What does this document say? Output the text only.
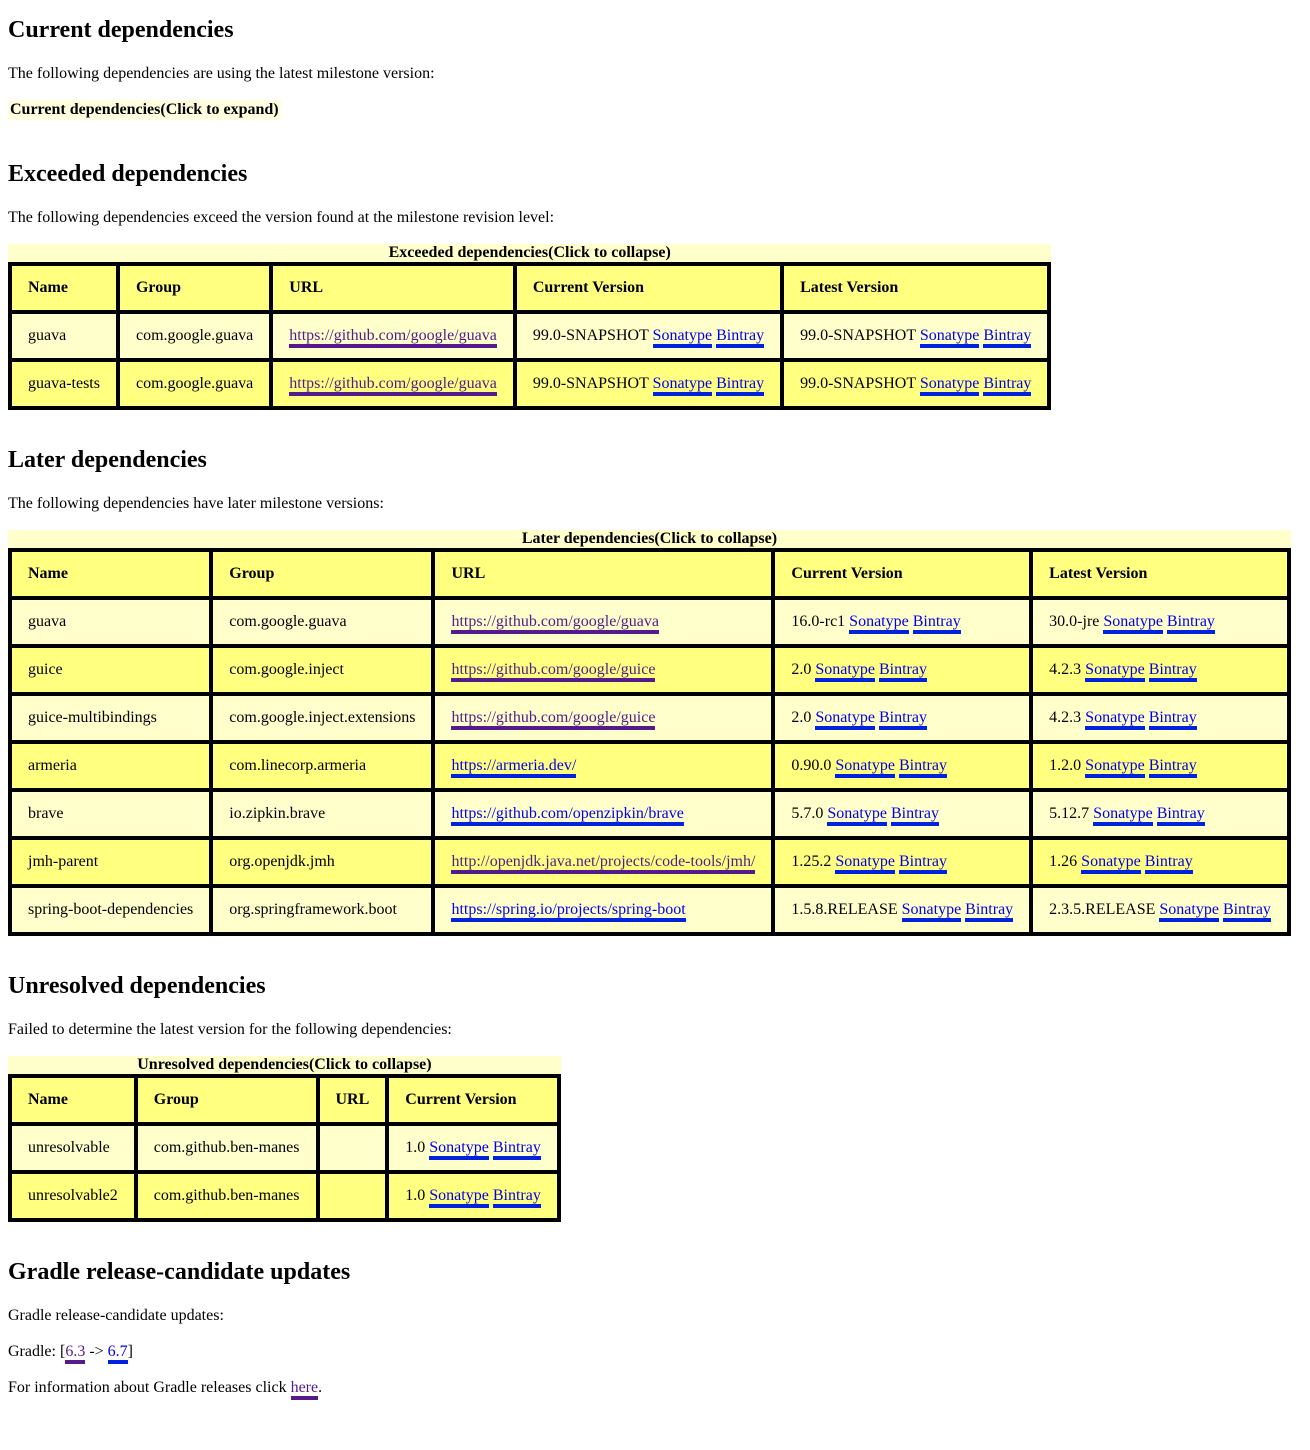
Current dependencies

The following dependencies are using the latest milestone version:

Current dependencies(Click to expand)
Exceeded dependencies

The following dependencies exceed the version found at the milestone revision level:

Exceeded dependencies(Click to collapse)
Name	Group	URL	Current Version	Latest Version
guava	com.google.guava	https://github.com/google/guava	99.0-SNAPSHOT Sonatype Bintray	99.0-SNAPSHOT Sonatype Bintray
guava-tests	com.google.guava	https://github.com/google/guava	99.0-SNAPSHOT Sonatype Bintray	99.0-SNAPSHOT Sonatype Bintray
Later dependencies

The following dependencies have later milestone versions:

Later dependencies(Click to collapse)
Name	Group	URL	Current Version	Latest Version
guava	com.google.guava	https://github.com/google/guava	16.0-rc1 Sonatype Bintray	30.0-jre Sonatype Bintray
guice	com.google.inject	https://github.com/google/guice	2.0 Sonatype Bintray	4.2.3 Sonatype Bintray
guice-multibindings	com.google.inject.extensions	https://github.com/google/guice	2.0 Sonatype Bintray	4.2.3 Sonatype Bintray
armeria	com.linecorp.armeria	https://armeria.dev/	0.90.0 Sonatype Bintray	1.2.0 Sonatype Bintray
brave	io.zipkin.brave	https://github.com/openzipkin/brave	5.7.0 Sonatype Bintray	5.12.7 Sonatype Bintray
jmh-parent	org.openjdk.jmh	http://openjdk.java.net/projects/code-tools/jmh/	1.25.2 Sonatype Bintray	1.26 Sonatype Bintray
spring-boot-dependencies	org.springframework.boot	https://spring.io/projects/spring-boot	1.5.8.RELEASE Sonatype Bintray	2.3.5.RELEASE Sonatype Bintray
Unresolved dependencies

Failed to determine the latest version for the following dependencies:

Unresolved dependencies(Click to collapse)
Name	Group	URL	Current Version
unresolvable	com.github.ben-manes		1.0 Sonatype Bintray
unresolvable2	com.github.ben-manes		1.0 Sonatype Bintray
Gradle release-candidate updates

Gradle release-candidate updates:

Gradle: [6.3 -> 6.7]

For information about Gradle releases click here.
